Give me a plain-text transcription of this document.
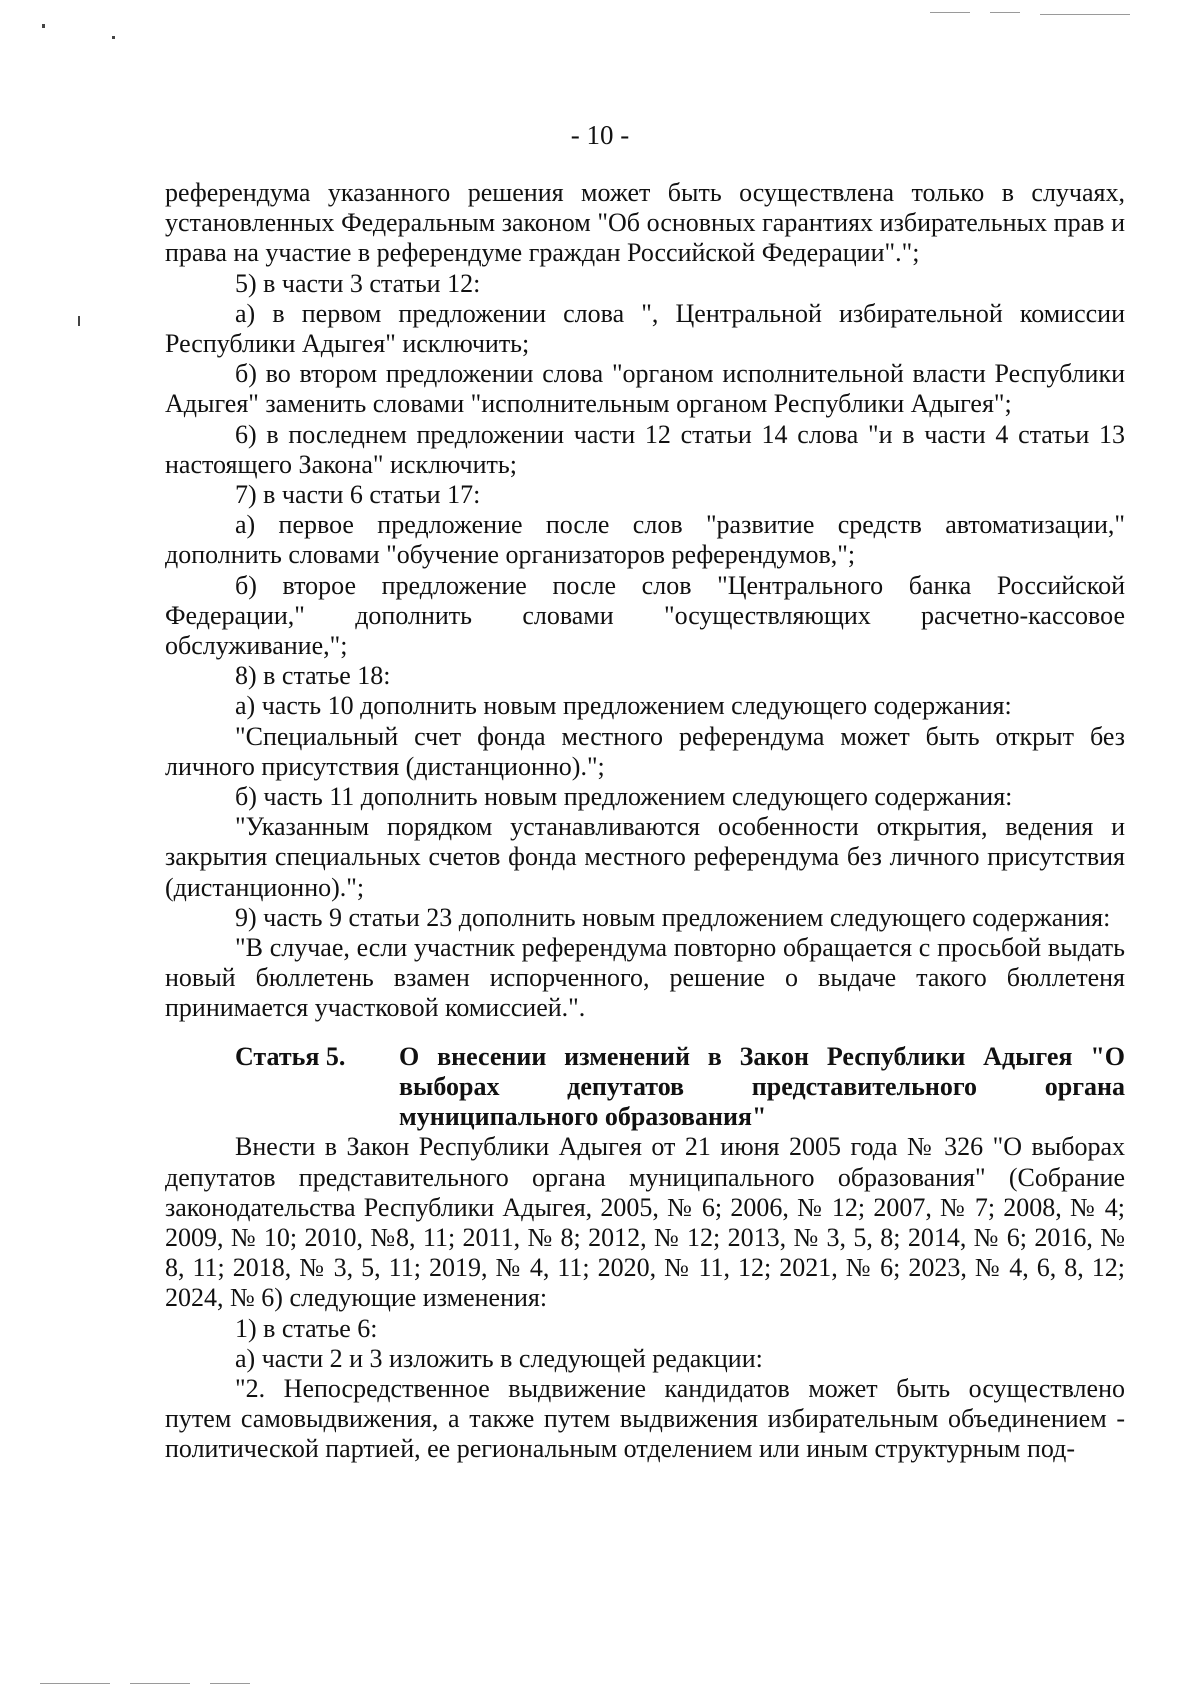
- 10 -

референдума указанного решения может быть осуществлена только в случаях, установленных Федеральным законом "Об основных гарантиях избирательных прав и права на участие в референдуме граждан Российской Федерации".";

5) в части 3 статьи 12:

а) в первом предложении слова ", Центральной избирательной комиссии Республики Адыгея" исключить;

б) во втором предложении слова "органом исполнительной власти Республики Адыгея" заменить словами "исполнительным органом Республики Адыгея";

6) в последнем предложении части 12 статьи 14 слова "и в части 4 статьи 13 настоящего Закона" исключить;

7) в части 6 статьи 17:

а) первое предложение после слов "развитие средств автоматизации," дополнить словами "обучение организаторов референдумов,";

б) второе предложение после слов "Центрального банка Российской Федерации," дополнить словами "осуществляющих расчетно-кассовое обслуживание,";

8) в статье 18:

а) часть 10 дополнить новым предложением следующего содержания:

"Специальный счет фонда местного референдума может быть открыт без личного присутствия (дистанционно).";

б) часть 11 дополнить новым предложением следующего содержания:

"Указанным порядком устанавливаются особенности открытия, ведения и закрытия специальных счетов фонда местного референдума без личного присутствия (дистанционно).";

9) часть 9 статьи 23 дополнить новым предложением следующего содержания:

"В случае, если участник референдума повторно обращается с просьбой выдать новый бюллетень взамен испорченного, решение о выдаче такого бюллетеня принимается участковой комиссией.".

Статья 5.	О внесении изменений в Закон Республики Адыгея "О выборах депутатов представительного органа муниципального образования"

Внести в Закон Республики Адыгея от 21 июня 2005 года № 326 "О выборах депутатов представительного органа муниципального образования" (Собрание законодательства Республики Адыгея, 2005, № 6; 2006, № 12; 2007, № 7; 2008, № 4; 2009, № 10; 2010, №8, 11; 2011, № 8; 2012, № 12; 2013, № 3, 5, 8; 2014, № 6; 2016, № 8, 11; 2018, № 3, 5, 11; 2019, № 4, 11; 2020, № 11, 12; 2021, № 6; 2023, № 4, 6, 8, 12; 2024, № 6) следующие изменения:

1) в статье 6:

а) части 2 и 3 изложить в следующей редакции:

"2. Непосредственное выдвижение кандидатов может быть осуществлено путем самовыдвижения, а также путем выдвижения избирательным объединением - политической партией, ее региональным отделением или иным структурным под-
